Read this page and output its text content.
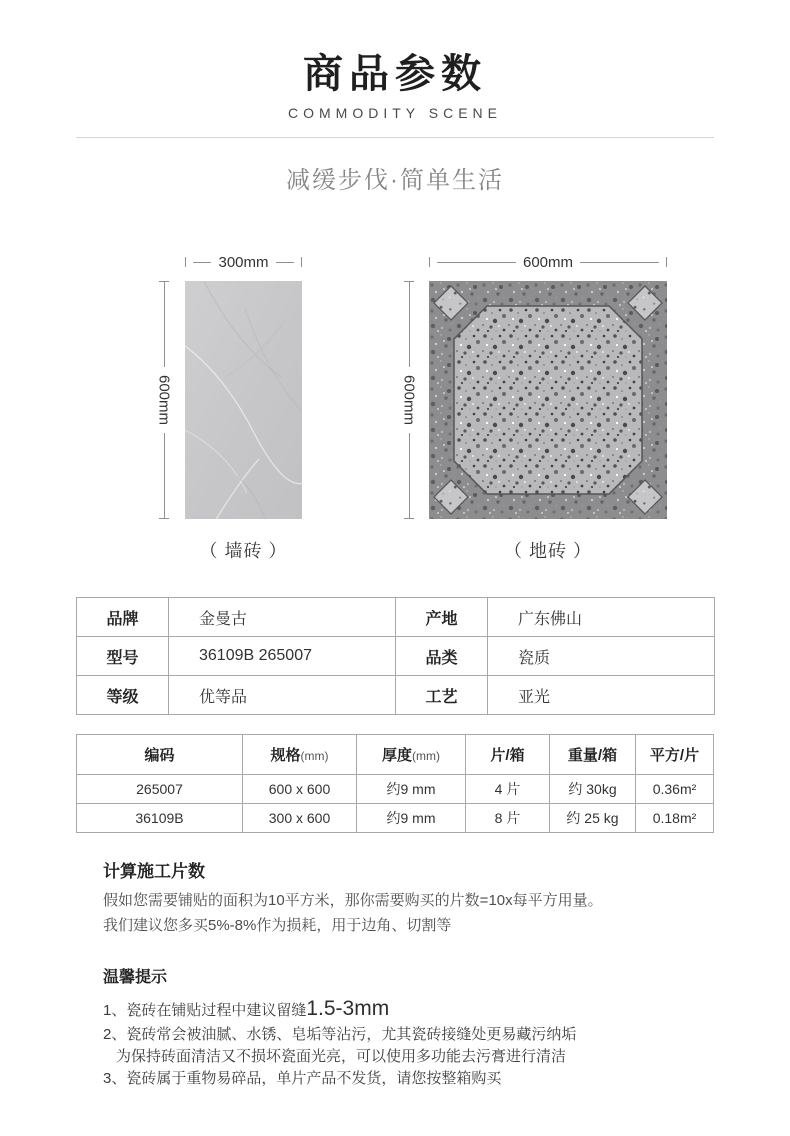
商品参数
COMMODITY SCENE
减缓步伐·简单生活
300mm
600mm
（ 墙砖 ）
600mm
600mm
（ 地砖 ）
品牌	金曼古	产地	广东佛山
型号	36109B 265007	品类	瓷质
等级	优等品	工艺	亚光
编码	规格(mm)	厚度(mm)	片/箱	重量/箱	平方/片
265007	600 x 600	约9 mm	4 片	约 30kg	0.36m²
36109B	300 x 600	约9 mm	8 片	约 25 kg	0.18m²
计算施工片数
假如您需要铺贴的面积为10平方米，那你需要购买的片数=10x每平方用量。
我们建议您多买5%-8%作为损耗，用于边角、切割等
温馨提示
1、瓷砖在铺贴过程中建议留缝1.5-3mm
2、瓷砖常会被油腻、水锈、皂垢等沾污，尤其瓷砖接缝处更易藏污纳垢
为保持砖面清洁又不损坏瓷面光亮，可以使用多功能去污膏进行清洁
3、瓷砖属于重物易碎品，单片产品不发货，请您按整箱购买
